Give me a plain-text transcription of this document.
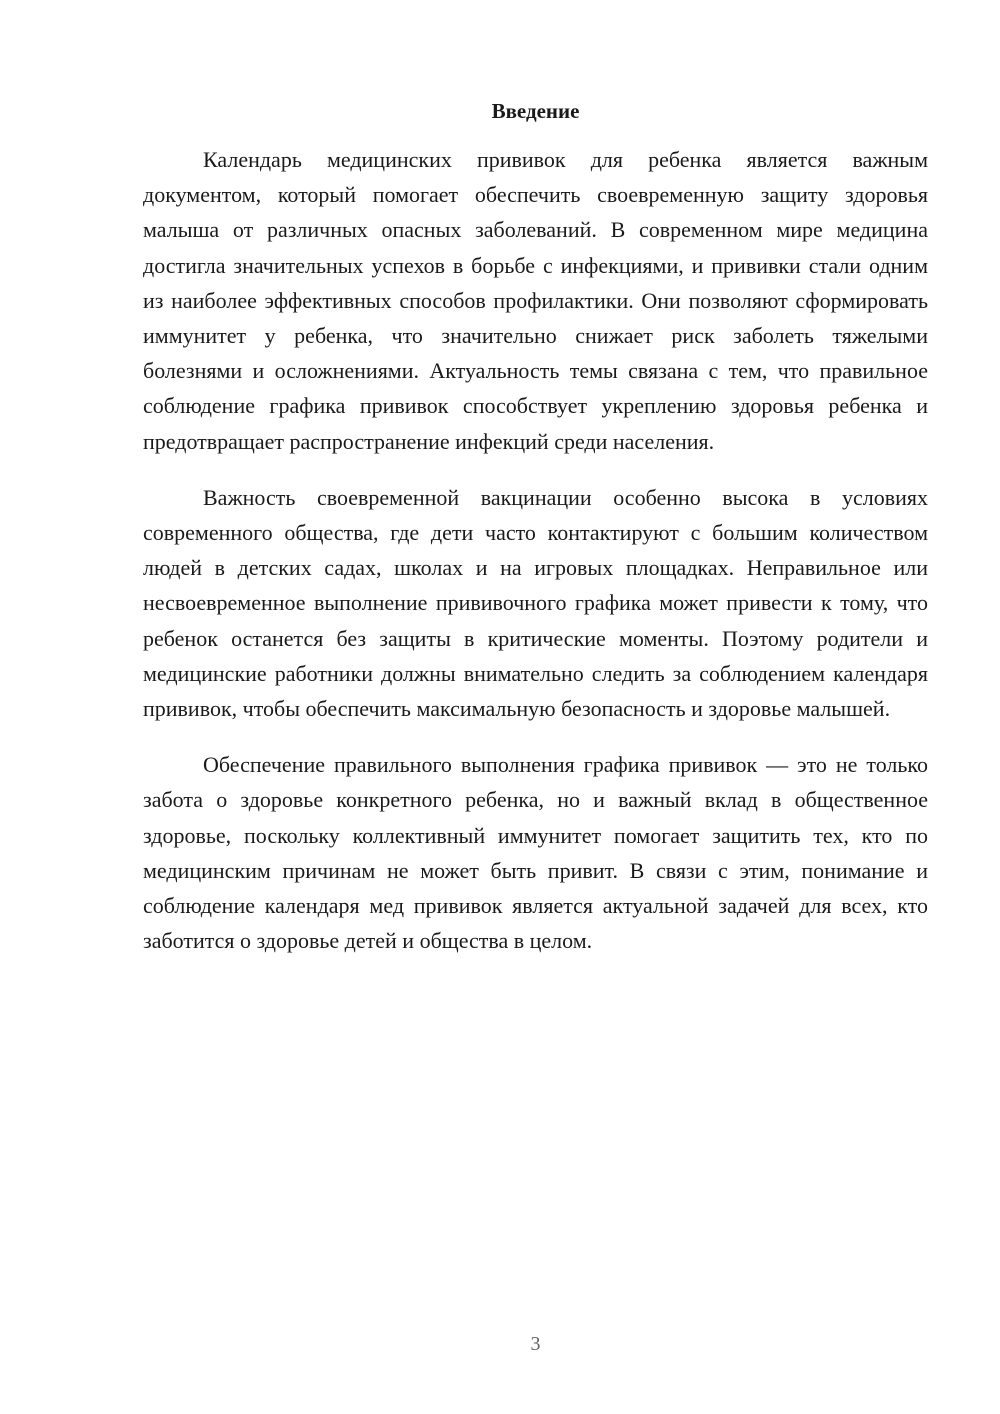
Введение

Календарь медицинских прививок для ребенка является важным документом, который помогает обеспечить своевременную защиту здоровья малыша от различных опасных заболеваний. В современном мире медицина достигла значительных успехов в борьбе с инфекциями, и прививки стали одним из наиболее эффективных способов профилактики. Они позволяют сформировать иммунитет у ребенка, что значительно снижает риск заболеть тяжелыми болезнями и осложнениями. Актуальность темы связана с тем, что правильное соблюдение графика прививок способствует укреплению здоровья ребенка и предотвращает распространение инфекций среди населения.

Важность своевременной вакцинации особенно высока в условиях современного общества, где дети часто контактируют с большим количеством людей в детских садах, школах и на игровых площадках. Неправильное или несвоевременное выполнение прививочного графика может привести к тому, что ребенок останется без защиты в критические моменты. Поэтому родители и медицинские работники должны внимательно следить за соблюдением календаря прививок, чтобы обеспечить максимальную безопасность и здоровье малышей.

Обеспечение правильного выполнения графика прививок — это не только забота о здоровье конкретного ребенка, но и важный вклад в общественное здоровье, поскольку коллективный иммунитет помогает защитить тех, кто по медицинским причинам не может быть привит. В связи с этим, понимание и соблюдение календаря мед прививок является актуальной задачей для всех, кто заботится о здоровье детей и общества в целом.

3
